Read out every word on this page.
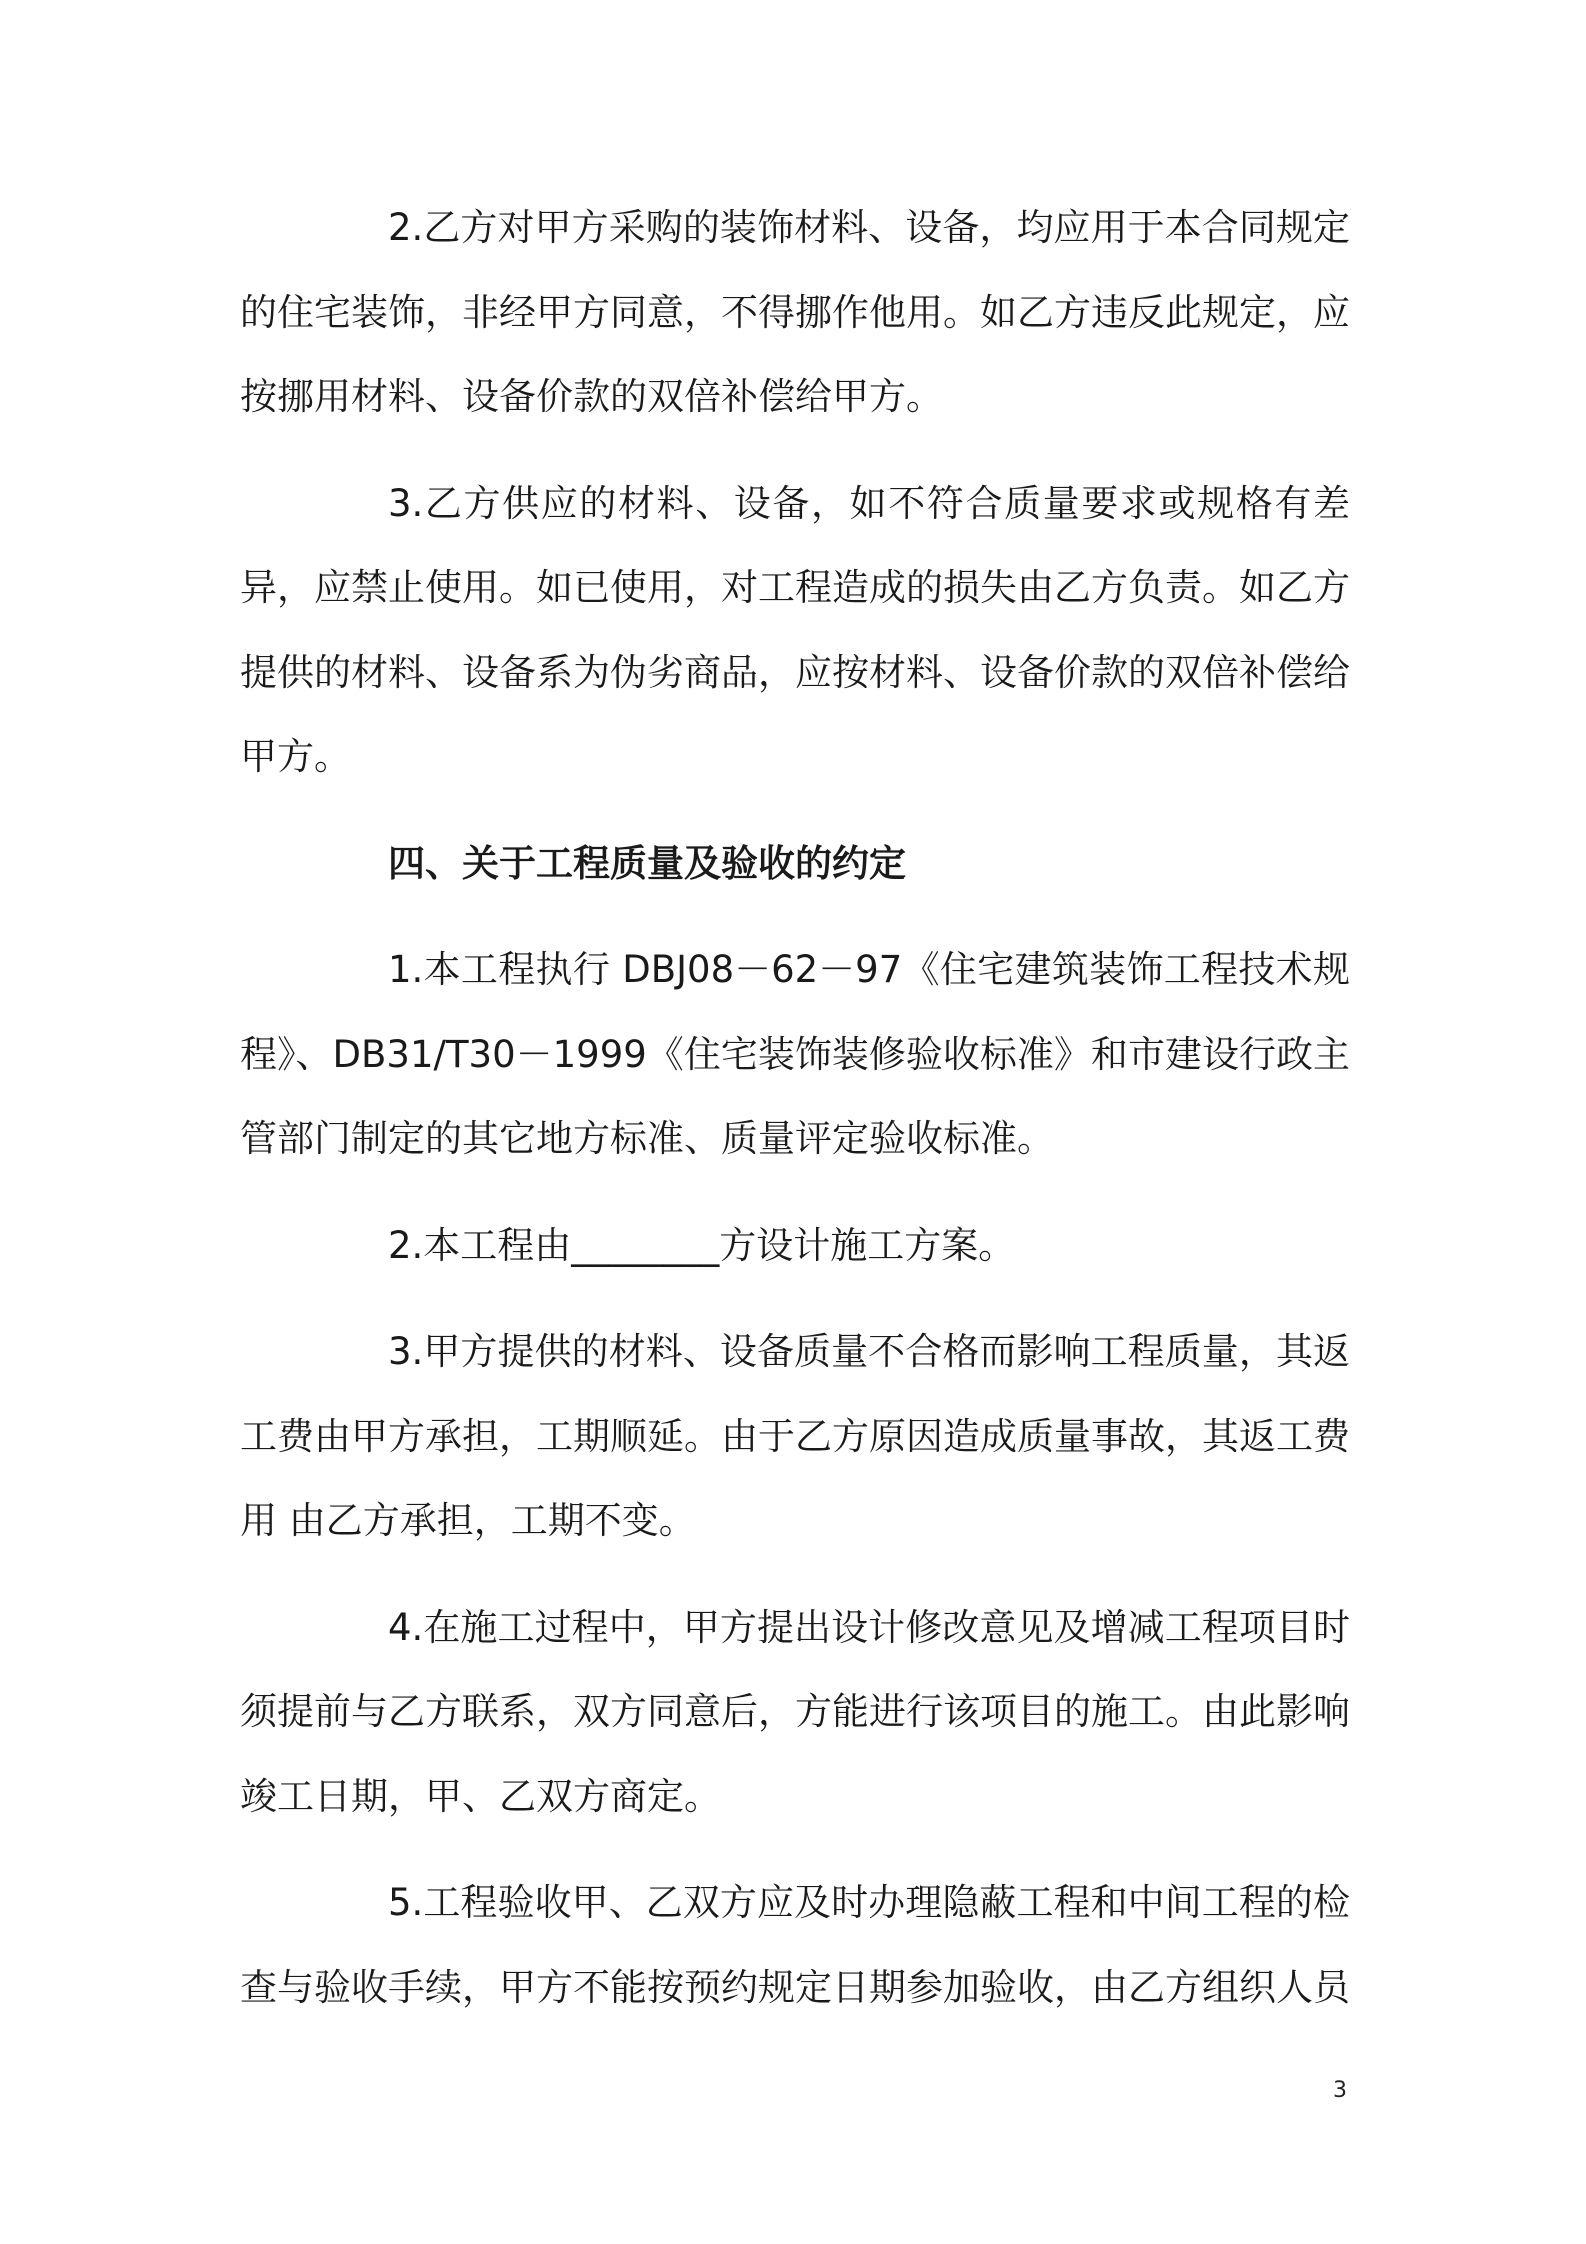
2.乙方对甲方采购的装饰材料、设备，均应用于本合同规定的住宅装饰，非经甲方同意，不得挪作他用。如乙方违反此规定，应按挪用材料、设备价款的双倍补偿给甲方。

3.乙方供应的材料、设备，如不符合质量要求或规格有差异，应禁止使用。如已使用，对工程造成的损失由乙方负责。如乙方提供的材料、设备系为伪劣商品，应按材料、设备价款的双倍补偿给甲方。

四、关于工程质量及验收的约定

1.本工程执行 DBJ08－62－97《住宅建筑装饰工程技术规程》、DB31/T30－1999《住宅装饰装修验收标准》和市建设行政主管部门制定的其它地方标准、质量评定验收标准。

2.本工程由________方设计施工方案。

3.甲方提供的材料、设备质量不合格而影响工程质量，其返工费由甲方承担，工期顺延。由于乙方原因造成质量事故，其返工费用 由乙方承担，工期不变。

4.在施工过程中，甲方提出设计修改意见及增减工程项目时须提前与乙方联系，双方同意后，方能进行该项目的施工。由此影响竣工日期，甲、乙双方商定。

5.工程验收甲、乙双方应及时办理隐蔽工程和中间工程的检查与验收手续，甲方不能按预约规定日期参加验收，由乙方组织人员

3
